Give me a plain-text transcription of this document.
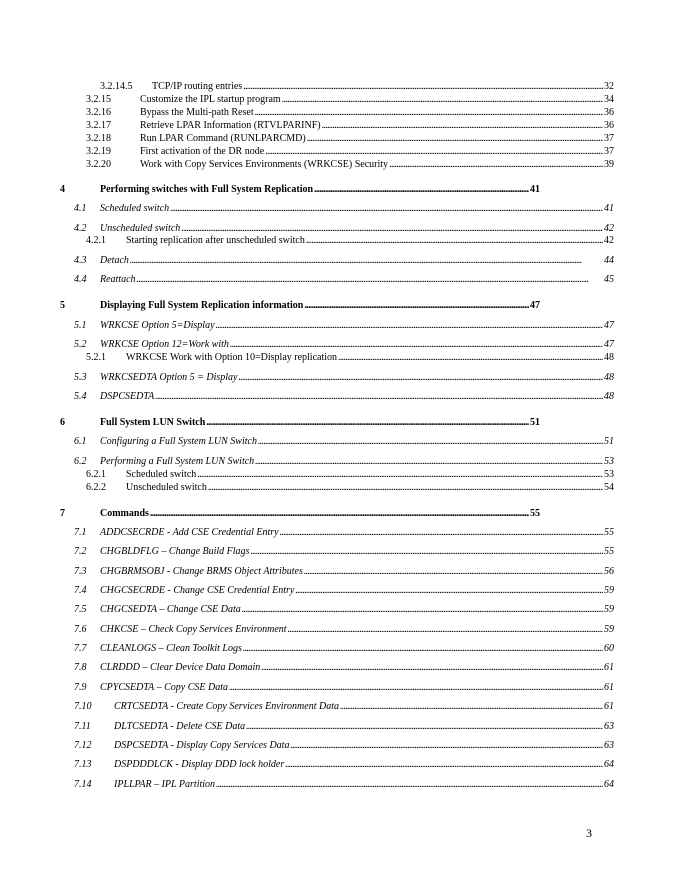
3.2.14.5	TCP/IP routing entries . . .	32
3.2.15	Customize the IPL startup program . . .	34
3.2.16	Bypass the Multi-path Reset . . .	36
3.2.17	Retrieve LPAR Information (RTVLPARINF) . . .	36
3.2.18	Run LPAR Command (RUNLPARCMD) . . .	37
3.2.19	First activation of the DR node . . .	37
3.2.20	Work with Copy Services Environments (WRKCSE) Security . . .	39
4	Performing switches with Full System Replication . . .	41
4.1	Scheduled switch . . .	41
4.2	Unscheduled switch . . .	42
4.2.1	Starting replication after unscheduled switch . . .	42
4.3	Detach . . .	44
4.4	Reattach . . .	45
5	Displaying Full System Replication information . . .	47
5.1	WRKCSE Option 5=Display . . .	47
5.2	WRKCSE Option 12=Work with . . .	47
5.2.1	WRKCSE Work with Option 10=Display replication . . .	48
5.3	WRKCSEDTA Option 5 = Display . . .	48
5.4	DSPCSEDTA . . .	48
6	Full System LUN Switch . . .	51
6.1	Configuring a Full System LUN Switch . . .	51
6.2	Performing a Full System LUN Switch . . .	53
6.2.1	Scheduled switch . . .	53
6.2.2	Unscheduled switch . . .	54
7	Commands . . .	55
7.1	ADDCSECRDE - Add CSE Credential Entry . . .	55
7.2	CHGBLDFLG – Change Build Flags . . .	55
7.3	CHGBRMSOBJ - Change BRMS Object Attributes . . .	56
7.4	CHGCSECRDE - Change CSE Credential Entry . . .	59
7.5	CHGCSEDTA – Change CSE Data . . .	59
7.6	CHKCSE – Check Copy Services Environment . . .	59
7.7	CLEANLOGS – Clean Toolkit Logs . . .	60
7.8	CLRDDD – Clear Device Data Domain . . .	61
7.9	CPYCSEDTA – Copy CSE Data . . .	61
7.10	CRTCSEDTA - Create Copy Services Environment Data . . .	61
7.11	DLTCSEDTA - Delete CSE Data . . .	63
7.12	DSPCSEDTA - Display Copy Services Data . . .	63
7.13	DSPDDDLCK - Display DDD lock holder . . .	64
7.14	IPLLPAR – IPL Partition . . .	64
3
